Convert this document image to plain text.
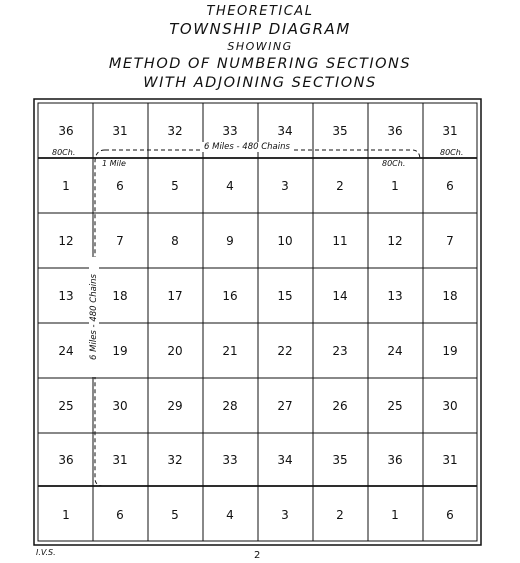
THEORETICAL
TOWNSHIP DIAGRAM
SHOWING
METHOD OF NUMBERING SECTIONS
WITH ADJOINING SECTIONS
36	31	32	33	34	35	36	31
1	6	5	4	3	2	1	6
12	7	8	9	10	11	12	7
13	18	17	16	15	14	13	18
24	19	20	21	22	23	24	19
25	30	29	28	27	26	25	30
36	31	32	33	34	35	36	31
1	6	5	4	3	2	1	6
80Ch.	80Ch.
80Ch.
1 Mile
6 Miles - 480 Chains
6 Miles - 480 Chains
I.V.S.	2
